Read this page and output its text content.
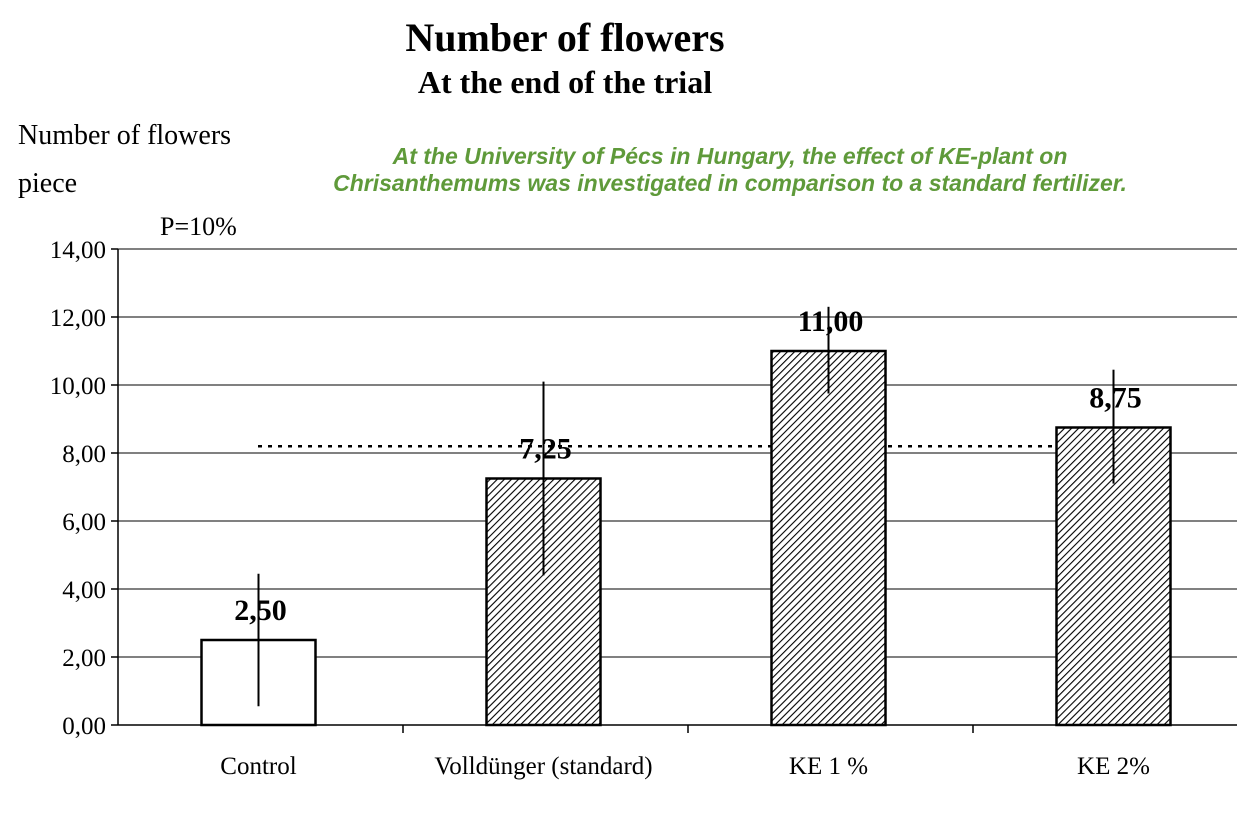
Number of flowers
At the end of the trial
Number of flowers
piece
P=10%
At the University of Pécs in Hungary, the effect of KE-plant on
Chrisanthemums was investigated in comparison to a standard fertilizer.
0,00
2,00
4,00
6,00
8,00
10,00
12,00
14,00
2,50
Control
7,25
Volldünger (standard)
11,00
KE 1 %
8,75
KE 2%
